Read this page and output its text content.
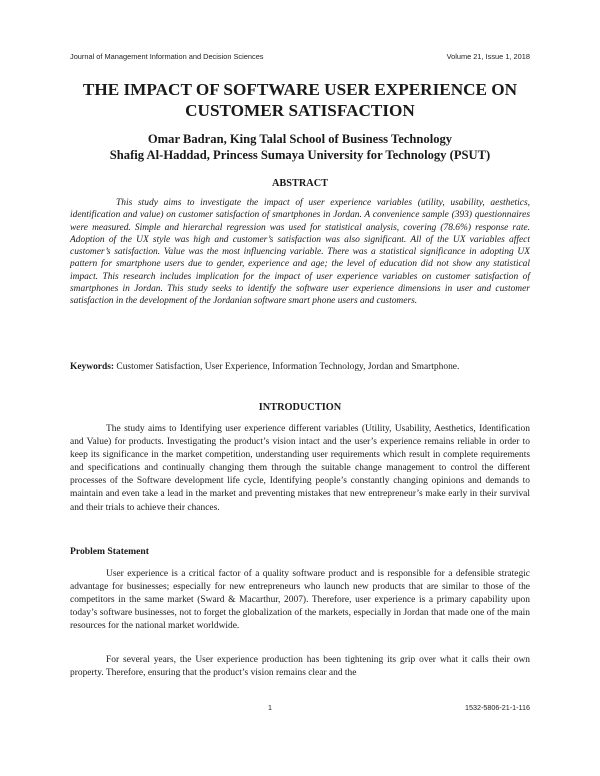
Journal of Management Information and Decision Sciences	Volume 21, Issue 1, 2018
THE IMPACT OF SOFTWARE USER EXPERIENCE ON CUSTOMER SATISFACTION
Omar Badran, King Talal School of Business Technology
Shafig Al-Haddad, Princess Sumaya University for Technology (PSUT)
ABSTRACT
This study aims to investigate the impact of user experience variables (utility, usability, aesthetics, identification and value) on customer satisfaction of smartphones in Jordan. A convenience sample (393) questionnaires were measured. Simple and hierarchal regression was used for statistical analysis, covering (78.6%) response rate. Adoption of the UX style was high and customer’s satisfaction was also significant. All of the UX variables affect customer’s satisfaction. Value was the most influencing variable. There was a statistical significance in adopting UX pattern for smartphone users due to gender, experience and age; the level of education did not show any statistical impact. This research includes implication for the impact of user experience variables on customer satisfaction of smartphones in Jordan. This study seeks to identify the software user experience dimensions in user and customer satisfaction in the development of the Jordanian software smart phone users and customers.
Keywords: Customer Satisfaction, User Experience, Information Technology, Jordan and Smartphone.
INTRODUCTION
The study aims to Identifying user experience different variables (Utility, Usability, Aesthetics, Identification and Value) for products. Investigating the product’s vision intact and the user’s experience remains reliable in order to keep its significance in the market competition, understanding user requirements which result in complete requirements and specifications and continually changing them through the suitable change management to control the different processes of the Software development life cycle, Identifying people’s constantly changing opinions and demands to maintain and even take a lead in the market and preventing mistakes that new entrepreneur’s make early in their survival and their trials to achieve their chances.
Problem Statement
User experience is a critical factor of a quality software product and is responsible for a defensible strategic advantage for businesses; especially for new entrepreneurs who launch new products that are similar to those of the competitors in the same market (Sward & Macarthur, 2007). Therefore, user experience is a primary capability upon today’s software businesses, not to forget the globalization of the markets, especially in Jordan that made one of the main resources for the national market worldwide.
For several years, the User experience production has been tightening its grip over what it calls their own property. Therefore, ensuring that the product’s vision remains clear and the
1	1532-5806-21-1-116
